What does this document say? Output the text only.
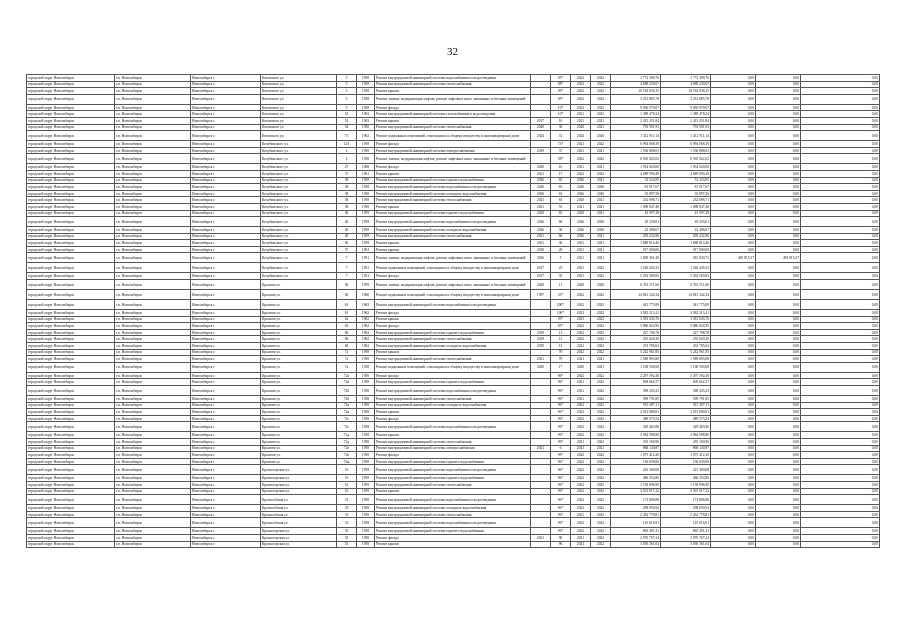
32
городской округ Новосибирск	г.п. Новосибирск	Новосибирск г.	Котовского ул.	5	1958	Ремонт внутридомовой инженерной системы водоснабжения и водоотведения		05*	2022	2022	1 772 399,76	1 772 399,76	0,00	0,00	0,00
городской округ Новосибирск	г.п. Новосибирск	Новосибирск г.	Котовского ул.	5	1958	Ремонт внутридомовой инженерной системы теплоснабжения		08*	2022	2022	4 688 239,67	4 688 239,67	0,00	0,00	0,00
городской округ Новосибирск	г.п. Новосибирск	Новосибирск г.	Котовского ул.	5	1958	Ремонт крыши		09*	2022	2022	10 184 036,35	10 184 036,35	0,00	0,00	0,00
городской округ Новосибирск	г.п. Новосибирск	Новосибирск г.	Котовского ул.	5	1958	Ремонт, замена, модернизация лифтов, ремонт лифтовых шахт, машинных и блочных помещений		05*	2022	2022	3 251 885,78	3 251 885,78	0,00	0,00	0,00
городской округ Новосибирск	г.п. Новосибирск	Новосибирск г.	Котовского ул.	5	1958	Ремонт фасада		10*	2022	2022	9 050 979,07	9 050 979,07	0,00	0,00	0,00
городской округ Новосибирск	г.п. Новосибирск	Новосибирск г.	Котовского ул.	52	1963	Ремонт внутридомовой инженерной системы газоснабжения и водоотведения		10*	2021	2022	1 389 478,24	1 389 478,24	0,00	0,00	0,00
городской округ Новосибирск	г.п. Новосибирск	Новосибирск г.	Котовского ул.	52	1963	Ремонт крыши	2017	10	2021	2021	2 415 251,84	2 415 251,84	0,00	0,00	0,00
городской округ Новосибирск	г.п. Новосибирск	Новосибирск г.	Котовского ул.	54	1958	Ремонт внутридомовой инженерной системы теплоснабжения	2020	30	2020	2021	793 901,93	793 901,93	0,00	0,00	0,00
городской округ Новосибирск	г.п. Новосибирск	Новосибирск г.	Котовского ул.	7/1	1962	Ремонт подвальных помещений, относящихся к общему имуществу в многоквартирном доме	2024	31	2024	2026	1 412 911,14	1 412 911,14	0,00	0,00	0,00
городской округ Новосибирск	г.п. Новосибирск	Новосибирск г.	Кочубинского ул.	12/1	1958	Ремонт фасада		73*	2021	2022	6 994 068,39	6 994 068,39	0,00	0,00	0,00
городской округ Новосибирск	г.п. Новосибирск	Новосибирск г.	Кочубинского ул.	2	1958	Ремонт внутридомовой инженерной системы электроснабжения	2019	37	2021	2021	1 536 808,03	1 536 808,03	0,00	0,00	0,00
городской округ Новосибирск	г.п. Новосибирск	Новосибирск г.	Кочубинского ул.	2	1958	Ремонт, замена, модернизация лифтов, ремонт лифтовых шахт, машинных и блочных помещений		58*	2022	2022	8 565 822,02	8 565 822,02	0,00	0,00	0,00
городской округ Новосибирск	г.п. Новосибирск	Новосибирск г.	Кочубинского ул.	27	1968	Ремонт фасада	2020	10	2021	2021	1 934 020,00	1 934 020,00	0,00	0,00	0,00
городской округ Новосибирск	г.п. Новосибирск	Новосибирск г.	Кочубинского ул.	37	1961	Ремонт крыши	2021	17	2022	2022	4 689 990,49	4 689 990,49	0,00	0,00	0,00
городской округ Новосибирск	г.п. Новосибирск	Новосибирск г.	Кочубинского ул.	38	1958	Ремонт внутридомовой инженерной системы горячего водоснабжения	2020	65	2020	2021	52 324,85	52 324,85	0,00	0,00	0,00
городской округ Новосибирск	г.п. Новосибирск	Новосибирск г.	Кочубинского ул.	38	1958	Ремонт внутридомовой инженерной системы водоснабжения и водоотведения	2026	65	2026	2026	81 917,67	81 917,67	0,00	0,00	0,00
городской округ Новосибирск	г.п. Новосибирск	Новосибирск г.	Кочубинского ул.	38	1958	Ремонт внутридомовой инженерной системы холодного водоснабжения	2026	63	2026	2026	35 897,56	35 897,56	0,00	0,00	0,00
городской округ Новосибирск	г.п. Новосибирск	Новосибирск г.	Кочубинского ул.	38	1958	Ремонт внутридомовой инженерной системы теплоснабжения	2021	65	2020	2021	232 696,71	232 696,71	0,00	0,00	0,00
городской округ Новосибирск	г.п. Новосибирск	Новосибирск г.	Кочубинского ул.	38	1958	Ремонт крыши	2021	53	2021	2021	1 098 847,48	1 098 847,48	0,00	0,00	0,00
городской округ Новосибирск	г.п. Новосибирск	Новосибирск г.	Кочубинского ул.	40	1959	Ремонт внутридомовой инженерной системы горячего водоснабжения	2020	65	2020	2021	43 997,28	43 997,28	0,00	0,00	0,00
городской округ Новосибирск	г.п. Новосибирск	Новосибирск г.	Кочубинского ул.	40	1959	Ремонт внутридомовой инженерной системы водоснабжения и водоотведения	2026	66	2026	2026	49 520,01	49 520,01	0,00	0,00	0,00
городской округ Новосибирск	г.п. Новосибирск	Новосибирск г.	Кочубинского ул.	40	1959	Ремонт внутридомовой инженерной системы холодного водоснабжения	2026	36	2026	2026	22 496,67	22 496,67	0,00	0,00	0,00
городской округ Новосибирск	г.п. Новосибирск	Новосибирск г.	Кочубинского ул.	40	1959	Ремонт внутридомовой инженерной системы теплоснабжения	2021	66	2020	2021	205 232,86	205 232,86	0,00	0,00	0,00
городской округ Новосибирск	г.п. Новосибирск	Новосибирск г.	Кочубинского ул.	40	1959	Ремонт крыши	2021	36	2021	2021	1 688 814,46	1 688 814,46	0,00	0,00	0,00
городской округ Новосибирск	г.п. Новосибирск	Новосибирск г.	Кочубинского ул.	57	1961	Ремонт крыши	2018	28	2021	2021	917 000,00	917 000,00	0,00	0,00	0,00
городской округ Новосибирск	г.п. Новосибирск	Новосибирск г.	Кочубинского ул.	7	1951	Ремонт, замена, модернизация лифтов, ремонт лифтовых шахт, машинных и блочных помещений	2026	5	2021	2021	1 838 361,48	915 030,72	495 815,37	495 815,37	0,00
городской округ Новосибирск	г.п. Новосибирск	Новосибирск г.	Кочубинского ул.	7	1951	Ремонт подвальных помещений, относящихся к общему имуществу в многоквартирном доме	2017	25	2021	2022	1 526 445,33	1 526 445,33	0,00	0,00	0,00
городской округ Новосибирск	г.п. Новосибирск	Новосибирск г.	Кочубинского ул.	7	1951	Ремонт фасада	2017	35	2021	2022	5 292 569,83	5 292 569,83	0,00	0,00	0,00
городской округ Новосибирск	г.п. Новосибирск	Новосибирск г.	Крылова ул.	36	1959	Ремонт, замена, модернизация лифтов, ремонт лифтовых шахт, машинных и блочных помещений	2020	11	2020	2020	6 351 511,66	6 351 511,66	0,00	0,00	0,00
городской округ Новосибирск	г.п. Новосибирск	Новосибирск г.	Крылова ул.	60	1960	Ремонт подвальных помещений, относящихся к общему имуществу в многоквартирном доме	1997	33*	2022	2022	14 841 342,34	14 841 342,34	0,00	0,00	0,00
городской округ Новосибирск	г.п. Новосибирск	Новосибирск г.	Крылова ул.	61	1962	Ремонт внутридомовой инженерной системы водоснабжения и водоотведения		200*	2022	2022	441 775,89	441 775,89	0,00	0,00	0,00
городской округ Новосибирск	г.п. Новосибирск	Новосибирск г.	Крылова ул.	61	1962	Ремонт фасада		100*	2022	2022	3 582 213,41	3 582 213,41	0,00	0,00	0,00
городской округ Новосибирск	г.п. Новосибирск	Новосибирск г.	Крылова ул.	62	1962	Ремонт крыши		93*	2021	2022	3 581 043,76	3 581 043,76	0,00	0,00	0,00
городской округ Новосибирск	г.п. Новосибирск	Новосибирск г.	Крылова ул.	62	1962	Ремонт фасада		85*	2022	2022	5 886 824,90	5 886 824,90	0,00	0,00	0,00
городской округ Новосибирск	г.п. Новосибирск	Новосибирск г.	Крылова ул.	68	1962	Ремонт внутридомовой инженерной системы горячего водоснабжения	2019	13	2022	2022	227 796,78	227 796,78	0,00	0,00	0,00
городской округ Новосибирск	г.п. Новосибирск	Новосибирск г.	Крылова ул.	68	1962	Ремонт внутридомовой инженерной системы теплоснабжения	2019	13	2022	2022	255 620,20	255 620,20	0,00	0,00	0,00
городской округ Новосибирск	г.п. Новосибирск	Новосибирск г.	Крылова ул.	68	1962	Ремонт внутридомовой инженерной системы холодного водоснабжения	2019	13	2022	2022	233 785,62	233 785,62	0,00	0,00	0,00
городской округ Новосибирск	г.п. Новосибирск	Новосибирск г.	Крылова ул.	7а	1958	Ремонт крыши		70	2022	2022	5 242 961,85	5 242 961,85	0,00	0,00	0,00
городской округ Новосибирск	г.п. Новосибирск	Новосибирск г.	Крылова ул.	7а	1958	Ремонт внутридомовой инженерной системы теплоснабжения	2021	70	2021	2021	1 589 893,88	1 589 893,88	0,00	0,00	0,00
городской округ Новосибирск	г.п. Новосибирск	Новосибирск г.	Крылова ул.	7а	1958	Ремонт подвальных помещений, относящихся к общему имуществу в многоквартирном доме	2020	1*	2020	2021	1 108 500,68	1 108 500,68	0,00	0,00	0,00
городской округ Новосибирск	г.п. Новосибирск	Новосибирск г.	Крылова ул.	72а	1958	Ремонт фасада		96*	2022	2022	2 297 592,40	2 297 592,40	0,00	0,00	0,00
городской округ Новосибирск	г.п. Новосибирск	Новосибирск г.	Крылова ул.	72а	1958	Ремонт внутридомовой инженерной системы горячего водоснабжения		96*	2021	2022	609 662,57	609 662,57	0,00	0,00	0,00
городской округ Новосибирск	г.п. Новосибирск	Новосибирск г.	Крылова ул.	72б	1958	Ремонт внутридомовой инженерной системы водоснабжения и водоотведения		96*	2021	2022	390 435,23	390 435,23	0,00	0,00	0,00
городской округ Новосибирск	г.п. Новосибирск	Новосибирск г.	Крылова ул.	72б	1958	Ремонт внутридомовой инженерной системы теплоснабжения		96*	2021	2022	599 791,85	599 791,85	0,00	0,00	0,00
городской округ Новосибирск	г.п. Новосибирск	Новосибирск г.	Крылова ул.	72в	1958	Ремонт внутридомовой инженерной системы холодного водоснабжения		96*	2022	2022	915 387,11	915 387,11	0,00	0,00	0,00
городской округ Новосибирск	г.п. Новосибирск	Новосибирск г.	Крылова ул.	72в	1958	Ремонт крыши		96*	2022	2022	2 015 680,81	2 015 680,81	0,00	0,00	0,00
городской округ Новосибирск	г.п. Новосибирск	Новосибирск г.	Крылова ул.	72г	1958	Ремонт фасада		96*	2022	2022	489 573,54	489 573,54	0,00	0,00	0,00
городской округ Новосибирск	г.п. Новосибирск	Новосибирск г.	Крылова ул.	72г	1958	Ремонт внутридомовой инженерной системы водоснабжения и водоотведения		96*	2022	2022	329 463,96	329 463,96	0,00	0,00	0,00
городской округ Новосибирск	г.п. Новосибирск	Новосибирск г.	Крылова ул.	72д	1958	Ремонт крыши		96*	2022	2022	3 964 998,86	3 964 998,86	0,00	0,00	0,00
городской округ Новосибирск	г.п. Новосибирск	Новосибирск г.	Крылова ул.	72д	1958	Ремонт внутридомовой инженерной системы теплоснабжения		96*	2021	2022	235 160,96	235 160,96	0,00	0,00	0,00
городской округ Новосибирск	г.п. Новосибирск	Новосибирск г.	Крылова ул.	72е	1958	Ремонт внутридомовой инженерной системы электроснабжения	2021	6	2021	2021	868 140,87	868 140,87	0,00	0,00	0,00
городской округ Новосибирск	г.п. Новосибирск	Новосибирск г.	Крылова ул.	72е	1958	Ремонт фасада		96*	2022	2022	1 075 412,20	1 075 412,20	0,00	0,00	0,00
городской округ Новосибирск	г.п. Новосибирск	Новосибирск г.	Крылова ул.	72ж	1958	Ремонт внутридомовой инженерной системы горячего водоснабжения		96*	2022	2022	156 639,06	156 639,06	0,00	0,00	0,00
городской округ Новосибирск	г.п. Новосибирск	Новосибирск г.	Красногорская ул.	16	1959	Ремонт внутридомовой инженерной системы водоснабжения и водоотведения		96*	2022	2022	223 369,08	223 369,08	0,00	0,00	0,00
городской округ Новосибирск	г.п. Новосибирск	Новосибирск г.	Красногорская ул.	16	1959	Ремонт внутридомовой инженерной системы горячего водоснабжения		96*	2022	2022	466 353,80	466 353,80	0,00	0,00	0,00
городской округ Новосибирск	г.п. Новосибирск	Новосибирск г.	Красногорская ул.	16	1959	Ремонт внутридомовой инженерной системы теплоснабжения		96*	2022	2022	1 158 896,90	1 158 896,90	0,00	0,00	0,00
городской округ Новосибирск	г.п. Новосибирск	Новосибирск г.	Красногорская ул.	16	1959	Ремонт крыши		96*	2022	2022	3 501 017,22	3 501 017,22	0,00	0,00	0,00
городской округ Новосибирск	г.п. Новосибирск	Новосибирск г.	Краснообская ул.	31	1958	Ремонт внутридомовой инженерной системы водоснабжения и водоотведения		96*	2022	2022	173 806,88	173 806,88	0,00	0,00	0,00
городской округ Новосибирск	г.п. Новосибирск	Новосибирск г.	Краснообская ул.	33	1958	Ремонт внутридомовой инженерной системы холодного водоснабжения		96*	2022	2022	298 050,94	298 050,94	0,00	0,00	0,00
городской округ Новосибирск	г.п. Новосибирск	Новосибирск г.	Краснообская ул.	33	1958	Ремонт внутридомовой инженерной системы теплоснабжения		96*	2021	2022	2 452 778,81	2 452 778,81	0,00	0,00	0,00
городской округ Новосибирск	г.п. Новосибирск	Новосибирск г.	Краснообская ул.	33	1958	Ремонт внутридомовой инженерной системы водоснабжения и водоотведения		96*	2022	2022	125 616,91	125 616,91	0,00	0,00	0,00
городской округ Новосибирск	г.п. Новосибирск	Новосибирск г.	Красногорская ул.	35	1958	Ремонт внутридомовой инженерной системы горячего водоснабжения		96*	2022	2022	865 491,41	865 491,41	0,00	0,00	0,00
городской округ Новосибирск	г.п. Новосибирск	Новосибирск г.	Красногорская ул.	35	1958	Ремонт фасада	2021	90	2021	2022	2 070 767,24	2 070 767,24	0,00	0,00	0,00
городской округ Новосибирск	г.п. Новосибирск	Новосибирск г.	Красногорская ул.	35	1958	Ремонт крыши		96	2021	2022	3 050 361,04	3 050 361,04	0,00	0,00	0,00
